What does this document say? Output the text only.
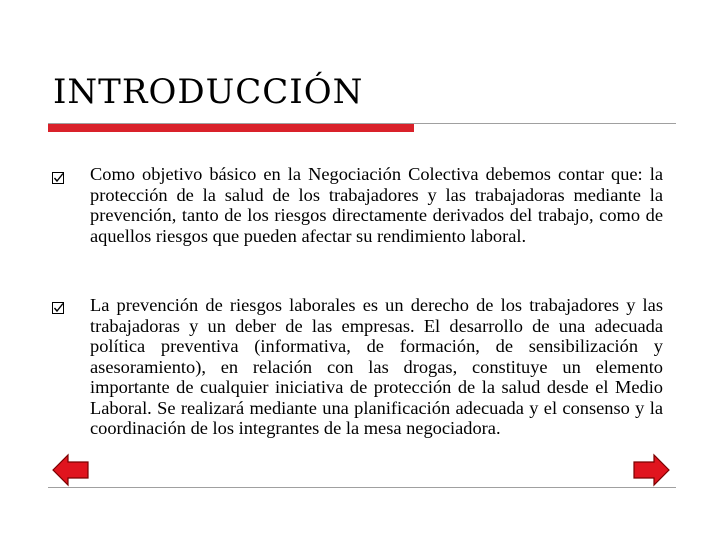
INTRODUCCIÓN
Como objetivo básico en la Negociación Colectiva debemos contar que: la protección de la salud de los trabajadores y las trabajadoras mediante la prevención, tanto de los riesgos directamente derivados del trabajo, como de aquellos riesgos que pueden afectar su rendimiento laboral.
La prevención de riesgos laborales es un derecho de los trabajadores y las trabajadoras y un deber de las empresas. El desarrollo de una adecuada política preventiva (informativa, de formación, de sensibilización y asesoramiento), en relación con las drogas, constituye un elemento importante de cualquier iniciativa de protección de la salud desde el Medio Laboral. Se realizará mediante una planificación adecuada y el consenso y la coordinación de los integrantes de la mesa negociadora.
